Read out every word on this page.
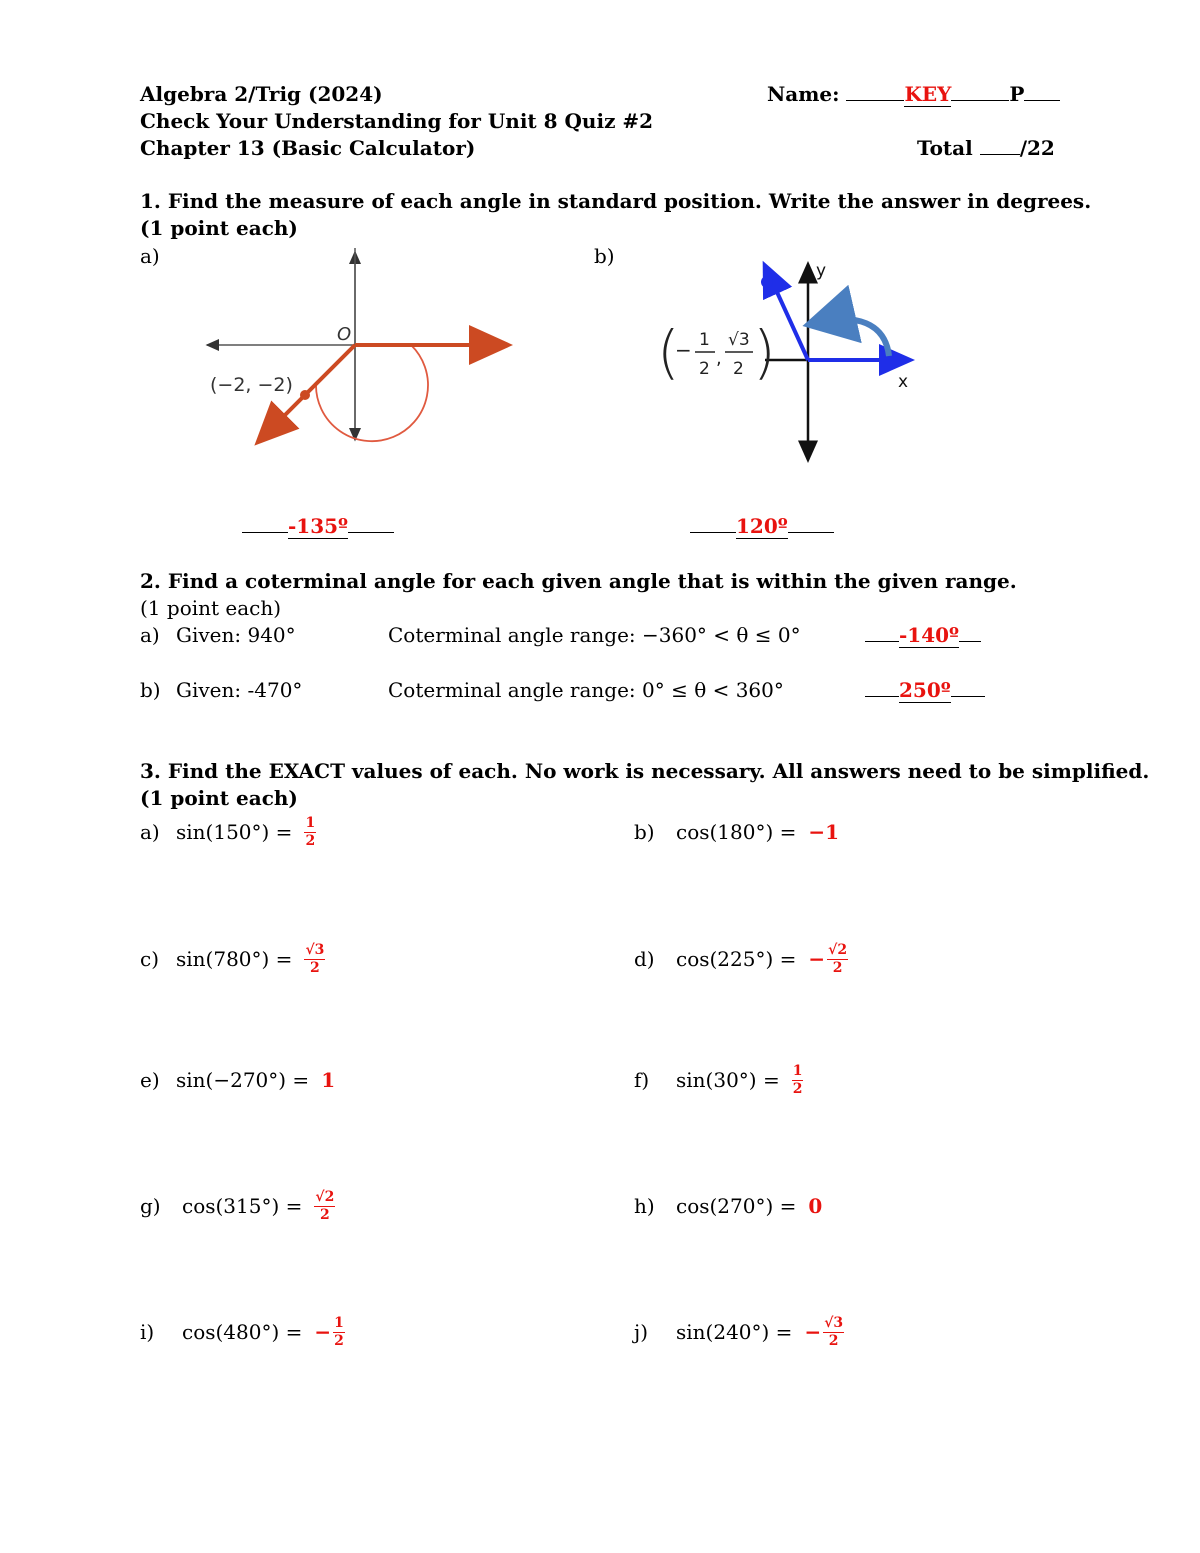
Algebra 2/Trig (2024)
Check Your Understanding for Unit 8 Quiz #2
Chapter 13 (Basic Calculator)
Name:	KEY	P
Total /22
1. Find the measure of each angle in standard position. Write the answer in degrees.
(1 point each)
a)	b)
O
(−2, −2)
y
x
(
− 1
2 ,
√3
2 )
-135º	120º
2. Find a coterminal angle for each given angle that is within the given range.
(1 point each)
a) Given: 940°	Coterminal angle range: −360° < θ ≤ 0°	-140º
b) Given: -470°	Coterminal angle range: 0° ≤ θ < 360°	250º
3. Find the EXACT values of each. No work is necessary. All answers need to be simplified.
(1 point each)
a) $\sin(150^\circ) = \frac{1}{2}$	b)	cos(180°) = −1
c) $\sin(780^\circ) = \frac{√3}{2}$	d)	cos(225°) = − $\frac{√2}{2}$
e) sin(−270°) = 1	f)	$\sin(30^\circ) = \frac{1}{2}$
g)	$\cos(315^\circ) = \frac{√2}{2}$	h)	cos(270°) = 0
i)	cos(480°) = − $\frac{1}{2}$	j)	sin(240°) = − $\frac{√3}{2}$
